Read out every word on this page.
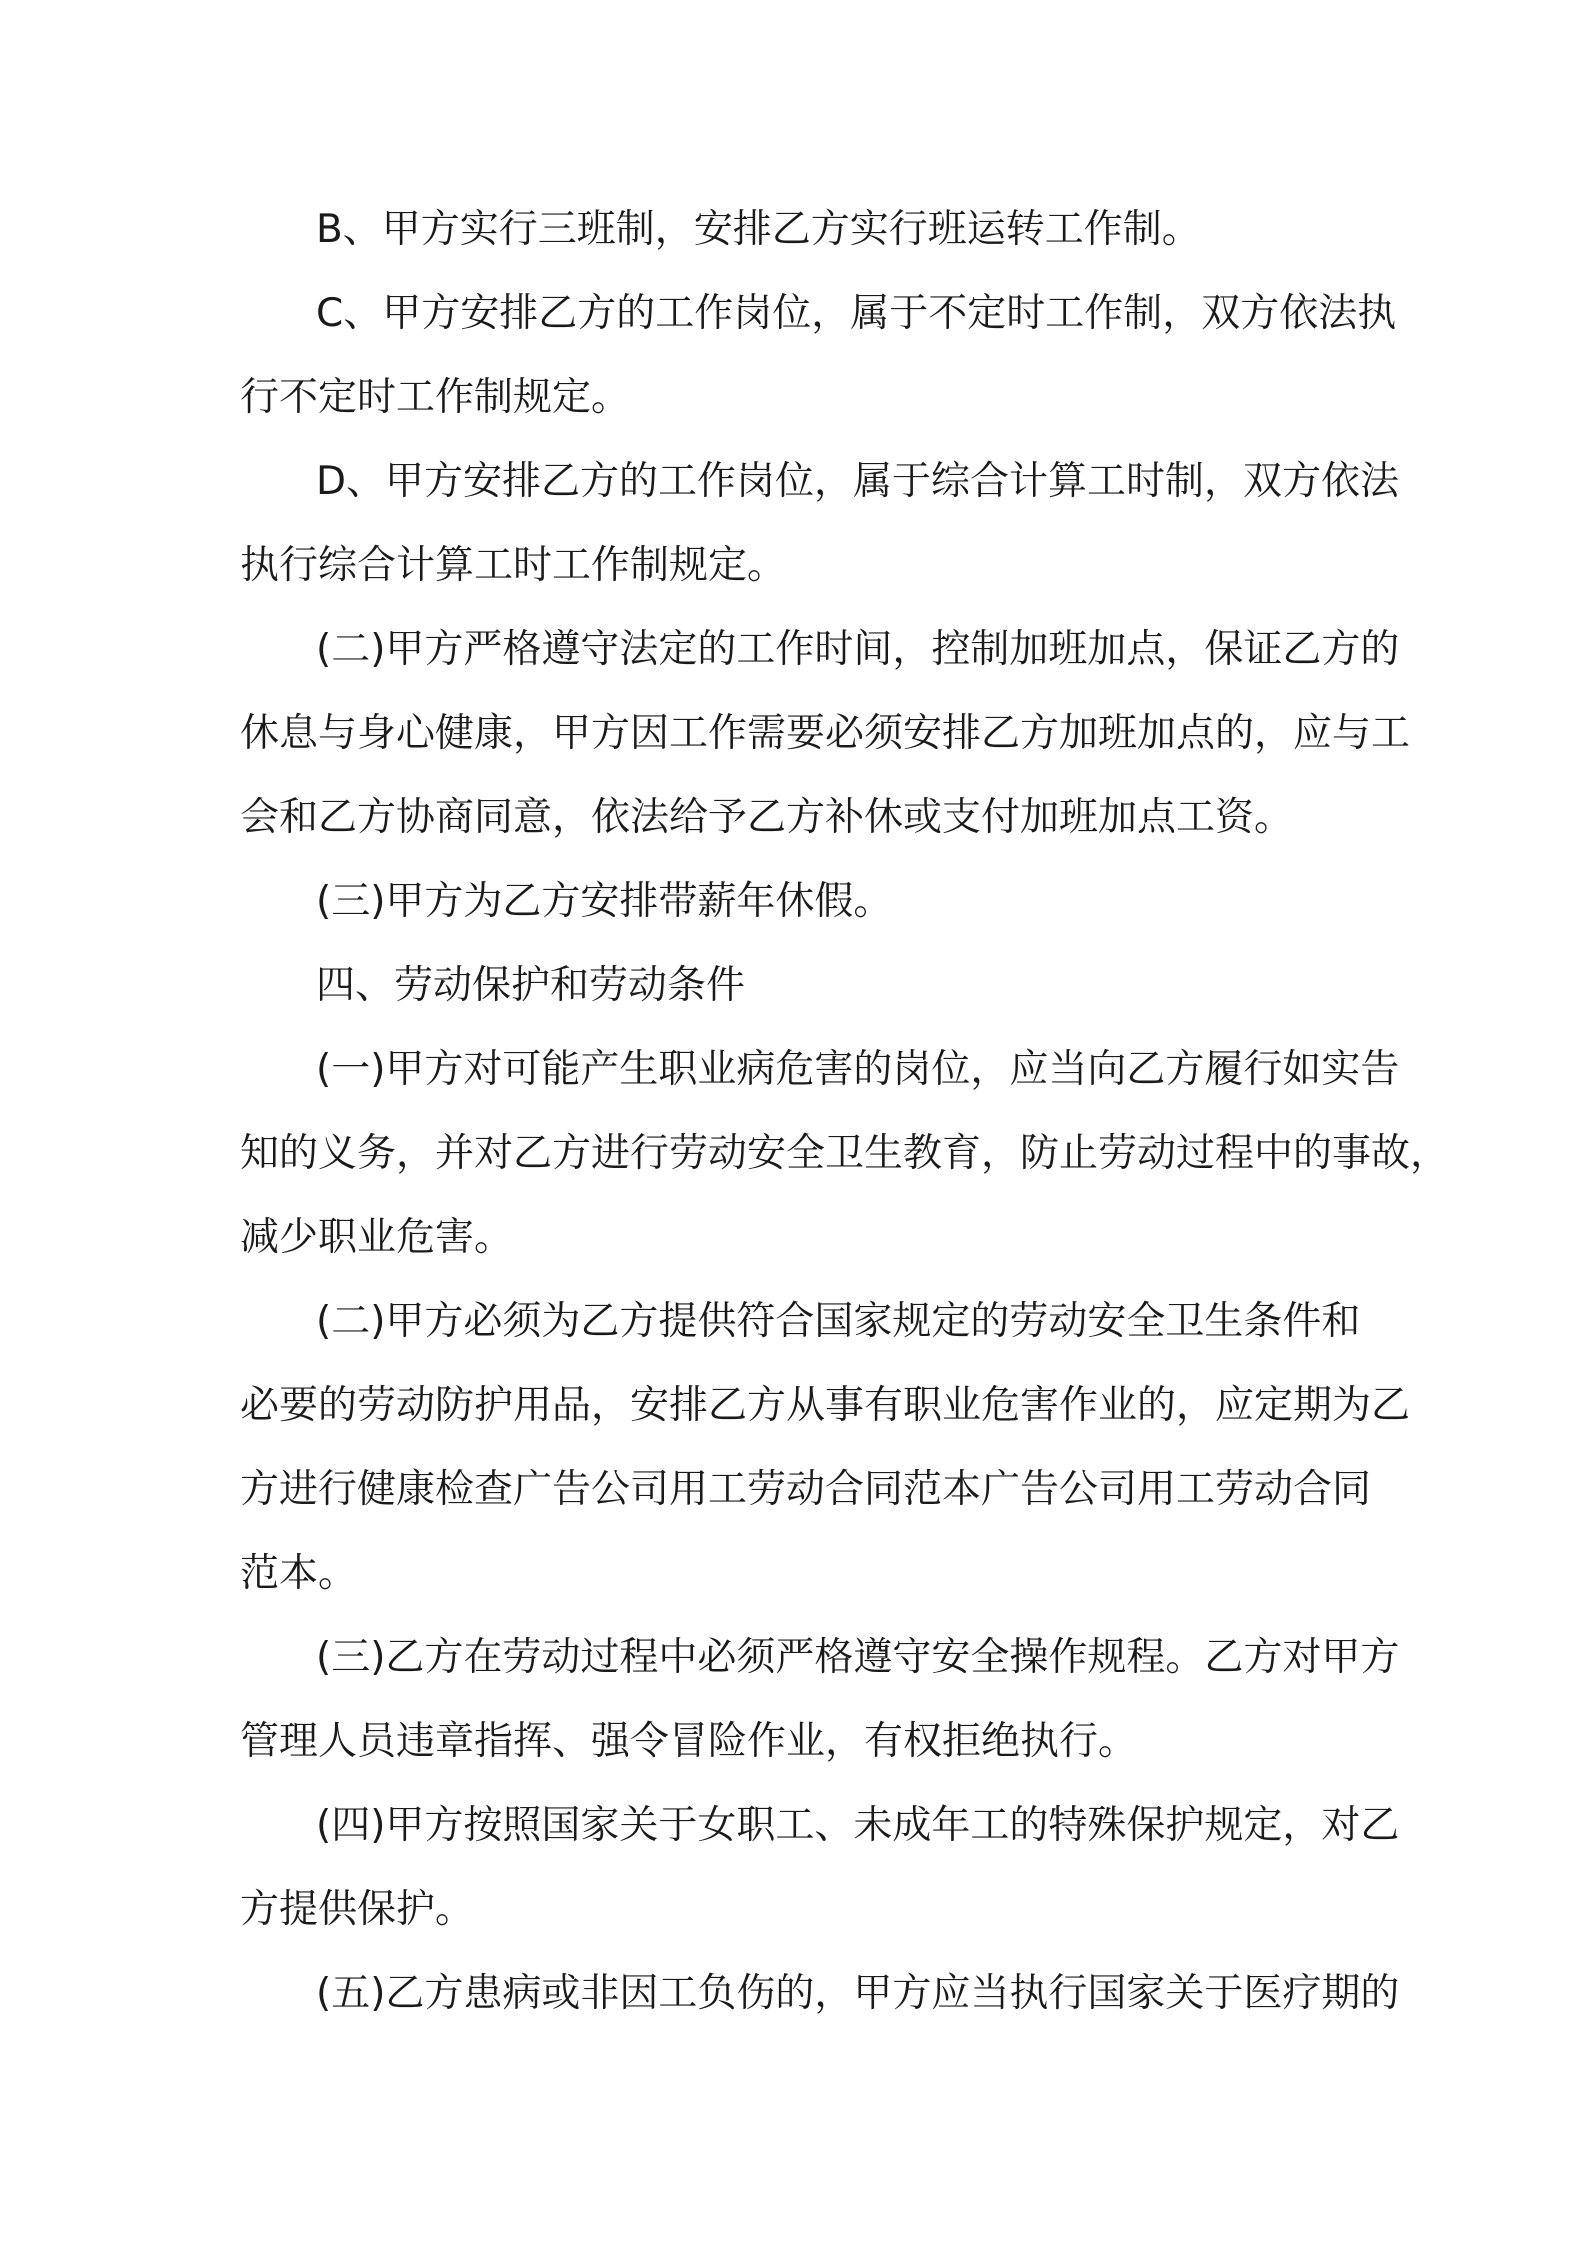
B、甲方实行三班制，安排乙方实行班运转工作制。
C、甲方安排乙方的工作岗位，属于不定时工作制，双方依法执
行不定时工作制规定。
D、甲方安排乙方的工作岗位，属于综合计算工时制，双方依法
执行综合计算工时工作制规定。
(二)甲方严格遵守法定的工作时间，控制加班加点，保证乙方的
休息与身心健康，甲方因工作需要必须安排乙方加班加点的，应与工
会和乙方协商同意，依法给予乙方补休或支付加班加点工资。
(三)甲方为乙方安排带薪年休假。
四、劳动保护和劳动条件
(一)甲方对可能产生职业病危害的岗位，应当向乙方履行如实告
知的义务，并对乙方进行劳动安全卫生教育，防止劳动过程中的事故，
减少职业危害。
(二)甲方必须为乙方提供符合国家规定的劳动安全卫生条件和
必要的劳动防护用品，安排乙方从事有职业危害作业的，应定期为乙
方进行健康检查广告公司用工劳动合同范本广告公司用工劳动合同
范本。
(三)乙方在劳动过程中必须严格遵守安全操作规程。乙方对甲方
管理人员违章指挥、强令冒险作业，有权拒绝执行。
(四)甲方按照国家关于女职工、未成年工的特殊保护规定，对乙
方提供保护。
(五)乙方患病或非因工负伤的，甲方应当执行国家关于医疗期的
